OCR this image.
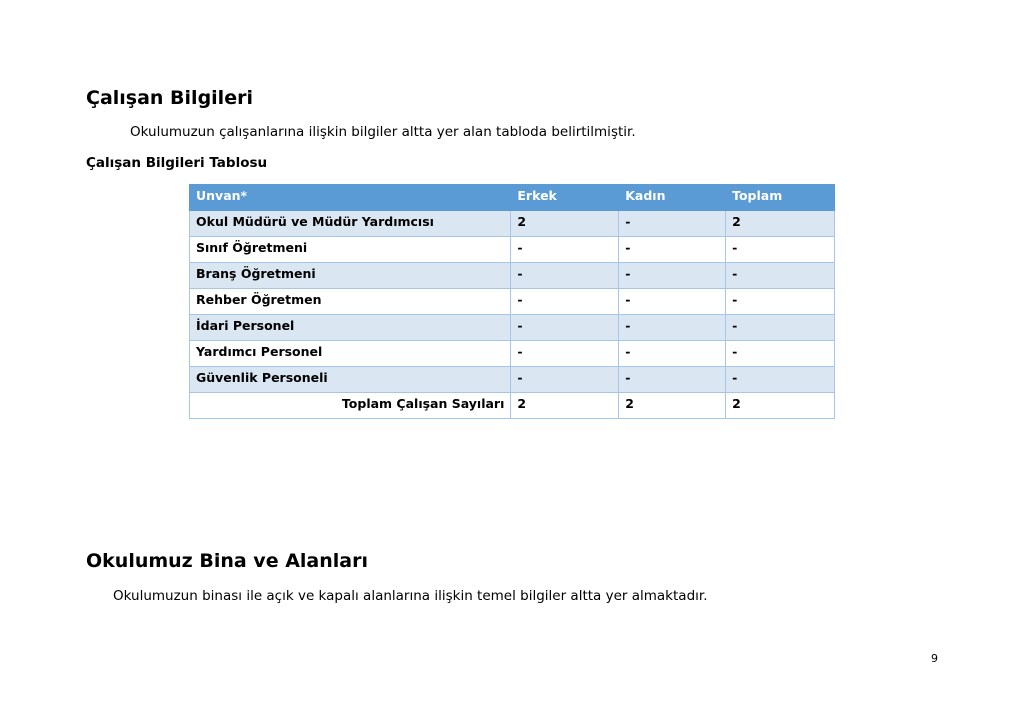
Çalışan Bilgileri

Okulumuzun çalışanlarına ilişkin bilgiler altta yer alan tabloda belirtilmiştir.

Çalışan Bilgileri Tablosu

Unvan*	Erkek	Kadın	Toplam
Okul Müdürü ve Müdür Yardımcısı	2	-	2
Sınıf Öğretmeni	-	-	-
Branş Öğretmeni	-	-	-
Rehber Öğretmen	-	-	-
İdari Personel	-	-	-
Yardımcı Personel	-	-	-
Güvenlik Personeli	-	-	-
Toplam Çalışan Sayıları	2	2	2
Okulumuz Bina ve Alanları

Okulumuzun binası ile açık ve kapalı alanlarına ilişkin temel bilgiler altta yer almaktadır.

9
